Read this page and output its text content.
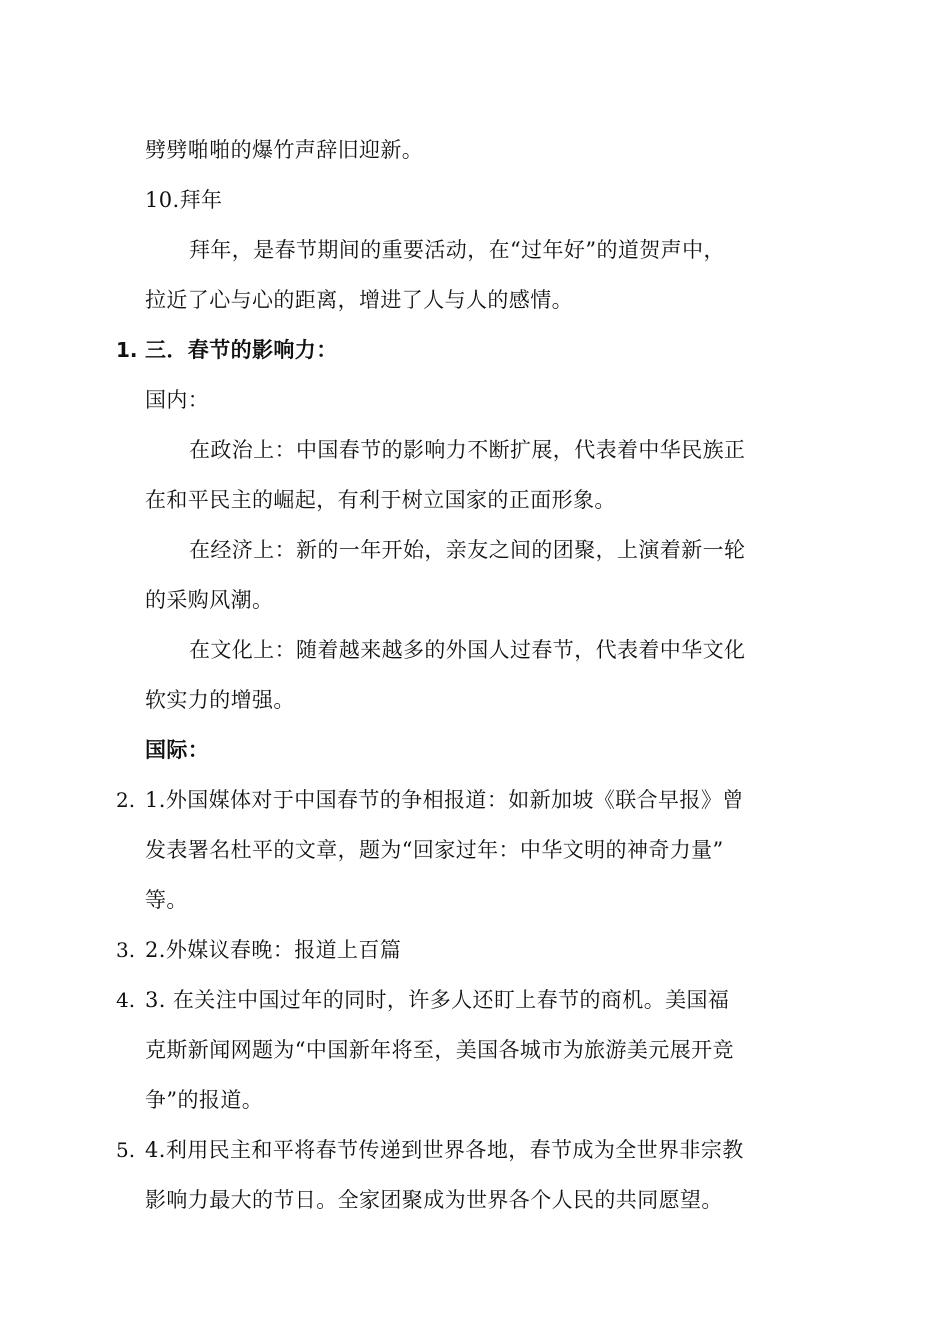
劈劈啪啪的爆竹声辞旧迎新。
10.拜年
拜年，是春节期间的重要活动，在“过年好”的道贺声中，
拉近了心与心的距离，增进了人与人的感情。
1. 三．春节的影响力：
国内：
在政治上：中国春节的影响力不断扩展，代表着中华民族正
在和平民主的崛起，有利于树立国家的正面形象。
在经济上：新的一年开始，亲友之间的团聚，上演着新一轮
的采购风潮。
在文化上：随着越来越多的外国人过春节，代表着中华文化
软实力的增强。
国际：
2. 1.外国媒体对于中国春节的争相报道：如新加坡《联合早报》曾
发表署名杜平的文章，题为“回家过年：中华文明的神奇力量”
等。
3. 2.外媒议春晚：报道上百篇
4. 3. 在关注中国过年的同时，许多人还盯上春节的商机。美国福
克斯新闻网题为“中国新年将至，美国各城市为旅游美元展开竞
争”的报道。
5. 4.利用民主和平将春节传递到世界各地，春节成为全世界非宗教
影响力最大的节日。全家团聚成为世界各个人民的共同愿望。
